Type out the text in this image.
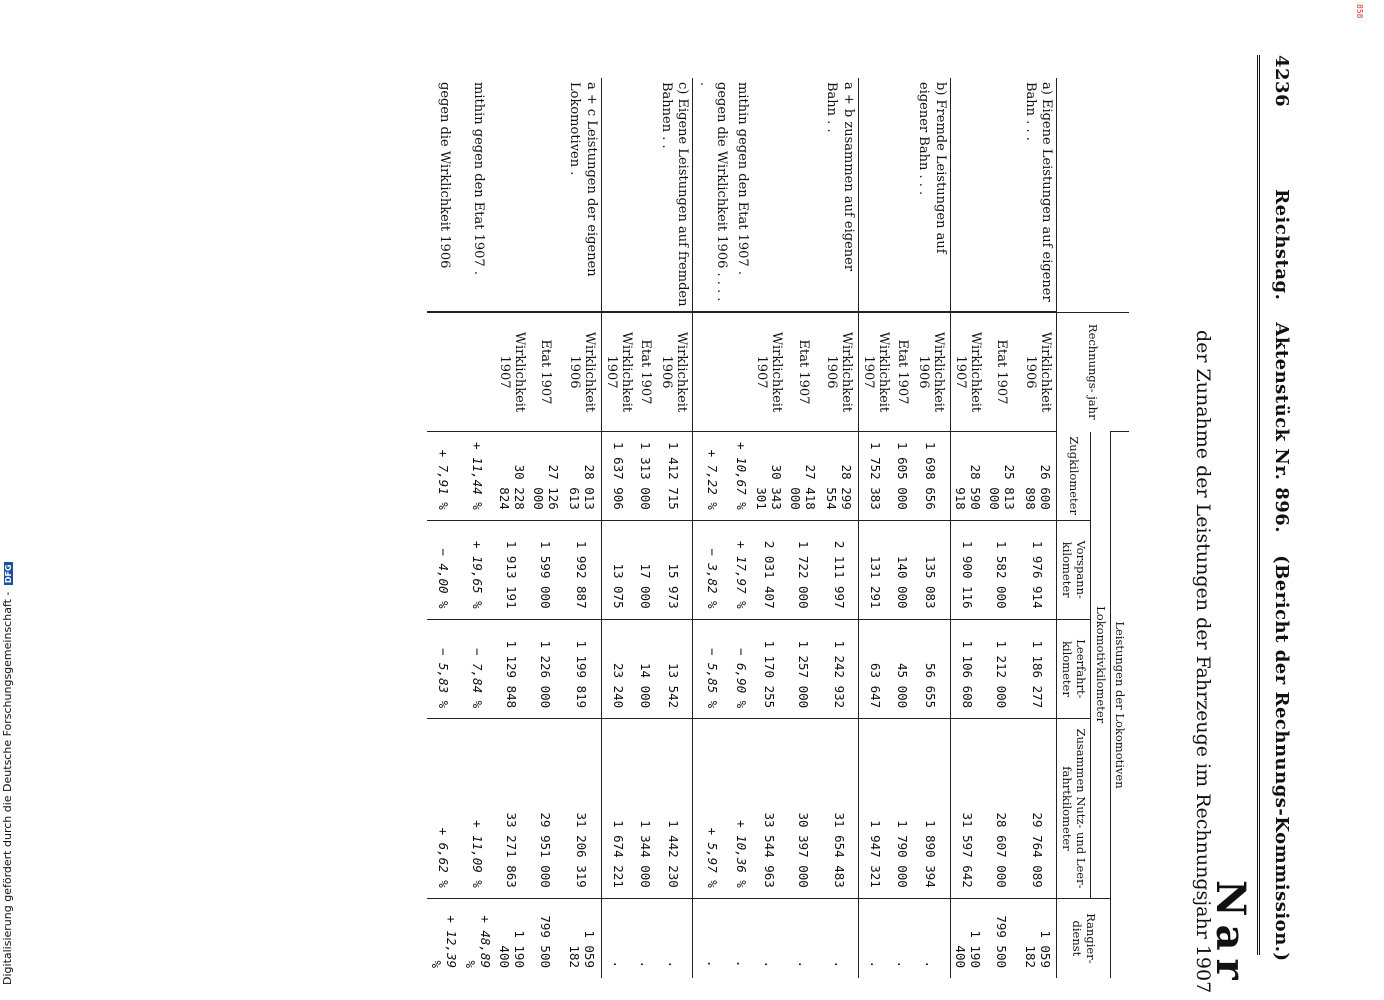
4236
Reichstag.
Aktenstück Nr. 896.
(Bericht der Rechnungs-Kommission.)
der Zunahme der Leistungen der Fahrzeuge im Rechnungsjahr 1907
Nar
	Rechnungs- jahr	Leistungen der Lokomotiven				
		Lokomotivkilometer				Rangier- dienst
		Zugkilometer	Vorspann- kilometer	Leerfahrt- kilometer	Zusammen Nutz- und Leer- fahrtkilometer	
a) Eigene Leistungen auf eigener Bahn . . .	Wirklichkeit 1906	26 600 898	1 976 914	1 186 277	29 764 089	1 059 182
	Etat 1907	25 813 000	1 582 000	1 212 000	28 607 000	799 500
	Wirklichkeit 1907	28 590 918	1 900 116	1 106 608	31 597 642	1 190 400
b) Fremde Leistungen auf eigener Bahn . . .	Wirklichkeit 1906	1 698 656	135 083	56 655	1 890 394	.
	Etat 1907	1 605 000	140 000	45 000	1 790 000	.
	Wirklichkeit 1907	1 752 383	131 291	63 647	1 947 321	.
a + b zusammen auf eigener Bahn . .	Wirklichkeit 1906	28 299 554	2 111 997	1 242 932	31 654 483	.
	Etat 1907	27 418 000	1 722 000	1 257 000	30 397 000	.
	Wirklichkeit 1907	30 343 301	2 031 407	1 170 255	33 544 963	.
mithin gegen den Etat 1907 .		+ 10,67 %	+ 17,97 %	− 6,90 %	+ 10,36 %	.
gegen die Wirklichkeit 1906 . . . . .		+ 7,22 %	− 3,82 %	− 5,85 %	+ 5,97 %	.
c) Eigene Leistungen auf fremden Bahnen . .	Wirklichkeit 1906	1 412 715	15 973	13 542	1 442 230	.
	Etat 1907	1 313 000	17 000	14 000	1 344 000	.
	Wirklichkeit 1907	1 637 906	13 075	23 240	1 674 221	.
a + c Leistungen der eigenen Lokomotiven .	Wirklichkeit 1906	28 013 613	1 992 887	1 199 819	31 206 319	1 059 182
	Etat 1907	27 126 000	1 599 000	1 226 000	29 951 000	799 500
	Wirklichkeit 1907	30 228 824	1 913 191	1 129 848	33 271 863	1 190 400
mithin gegen den Etat 1907 .		+ 11,44 %	+ 19,65 %	− 7,84 %	+ 11,09 %	+ 48,89 %
gegen die Wirklichkeit 1906		+ 7,91 %	− 4,00 %	− 5,83 %	+ 6,62 %	+ 12,39 %
Digitalisierung gefördert durch die Deutsche Forschungsgemeinschaft - DFG
858
